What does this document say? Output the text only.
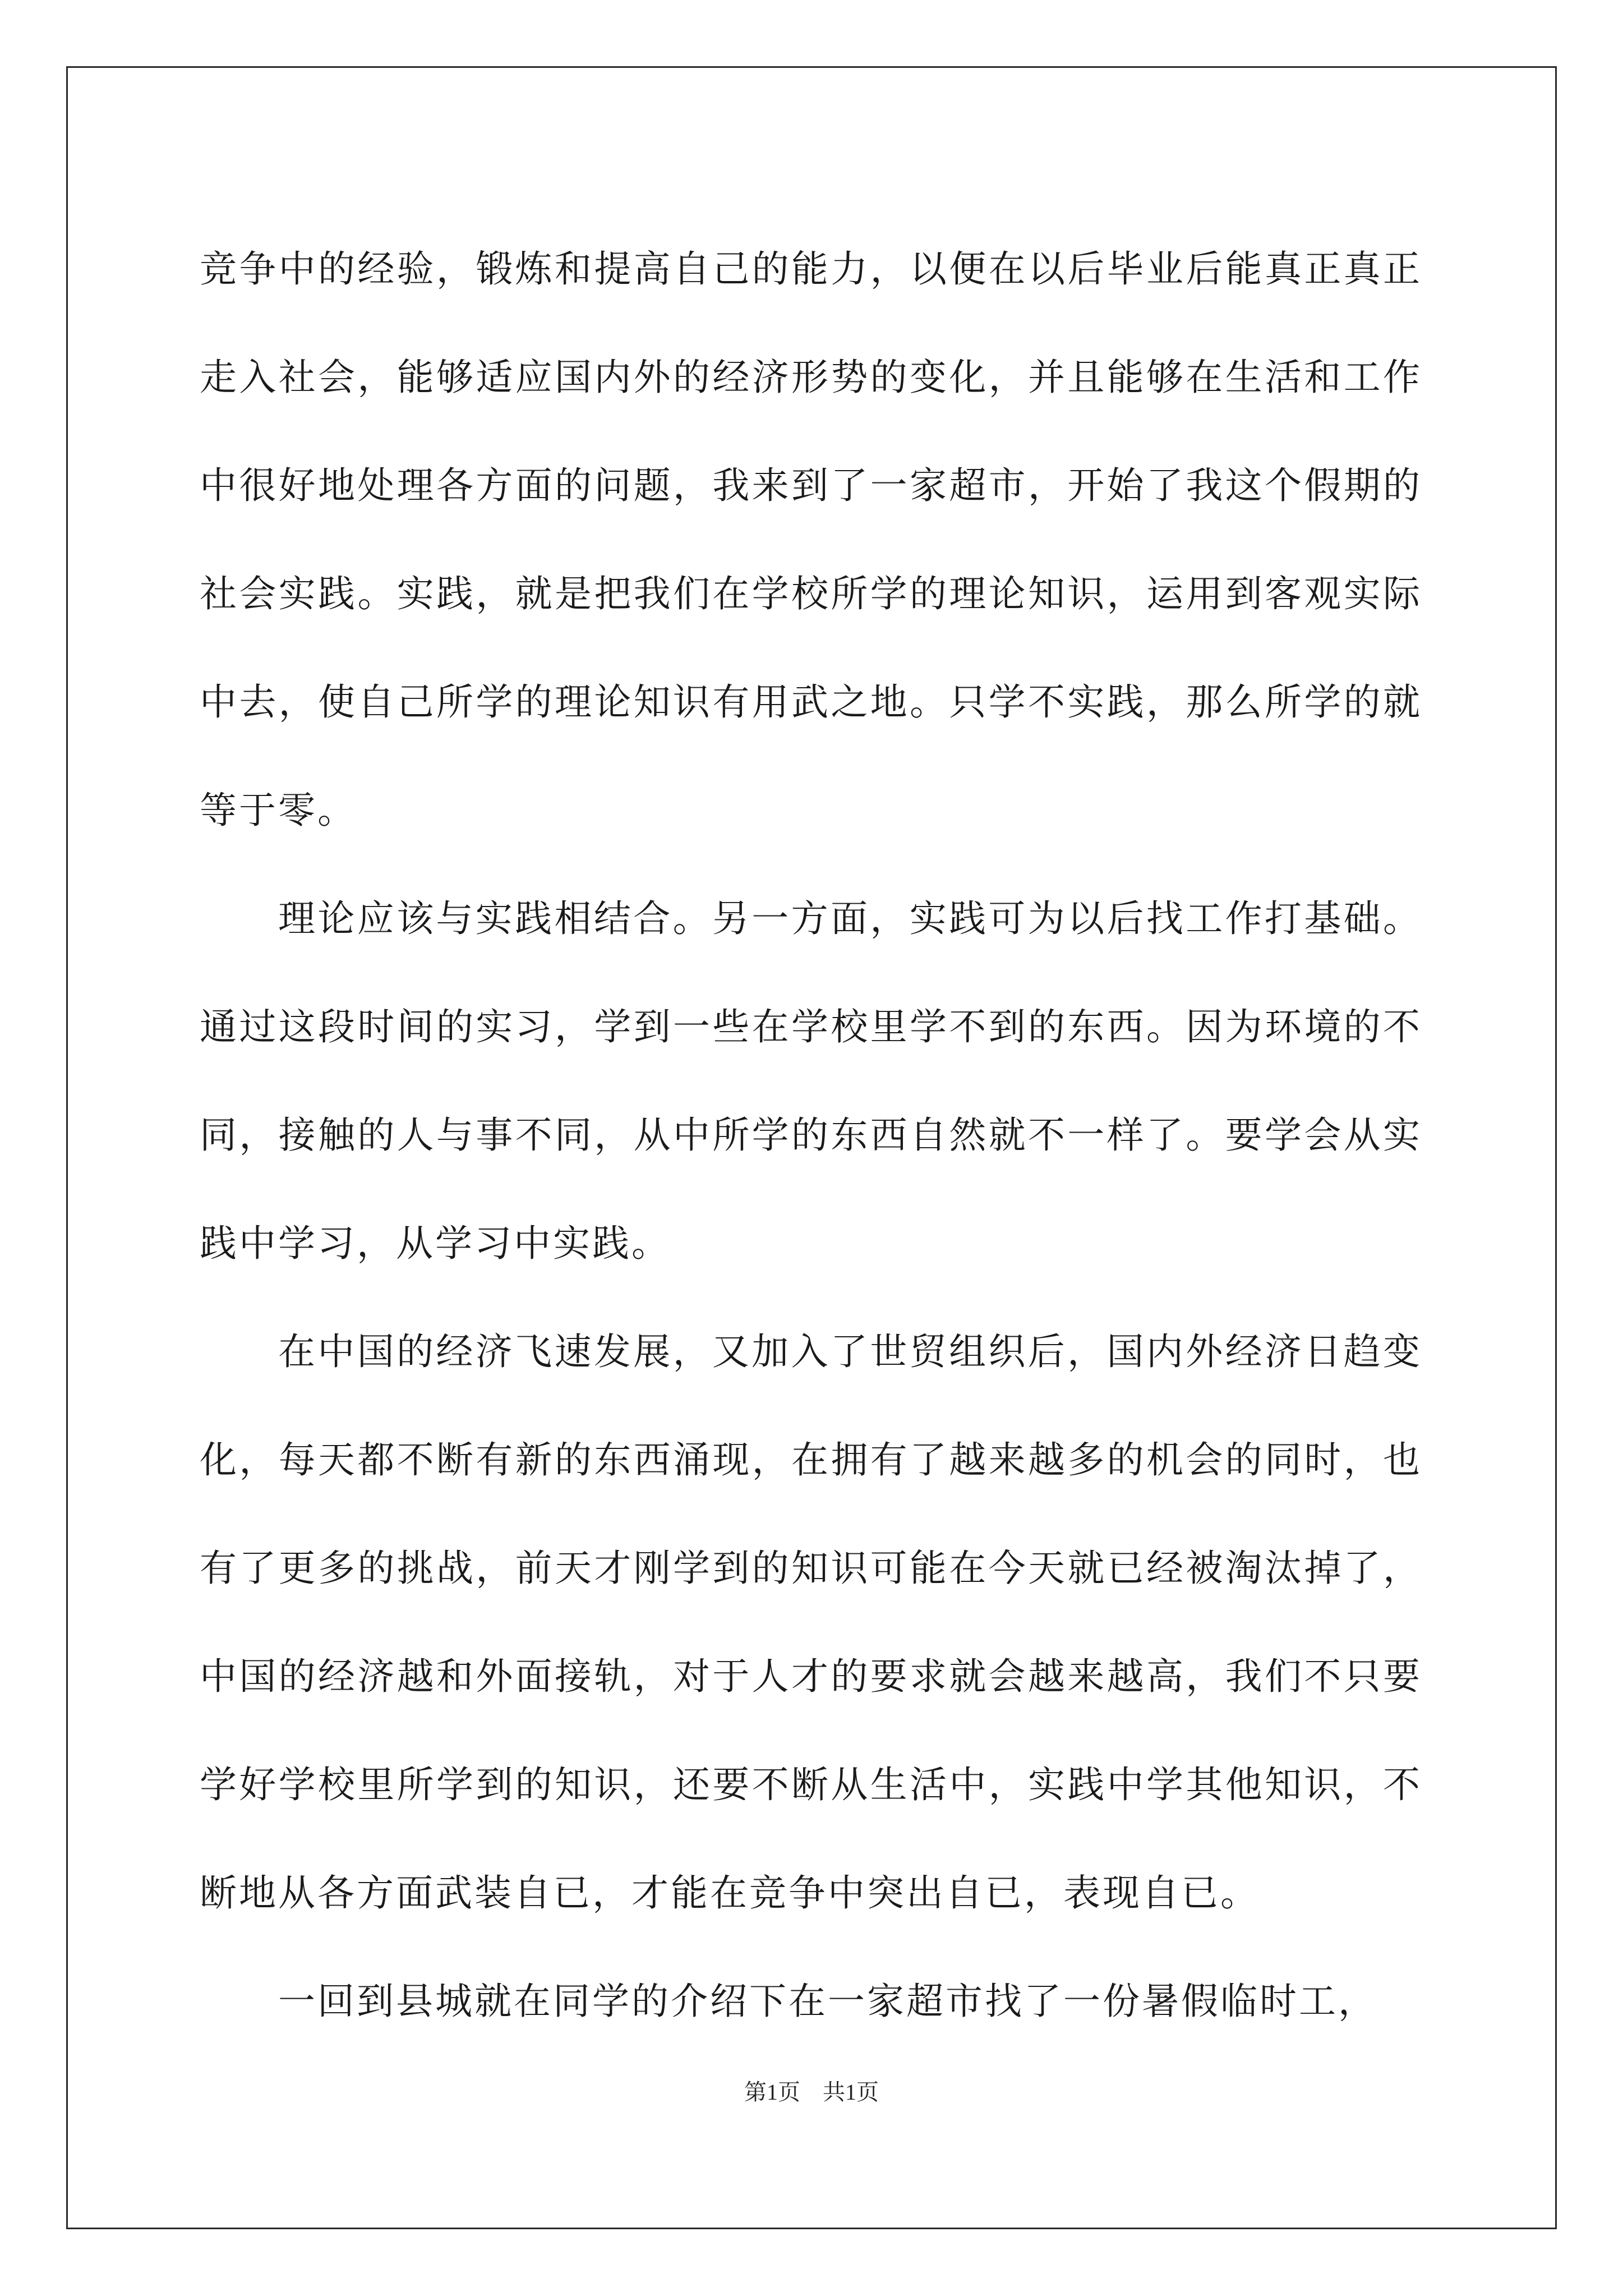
竞争中的经验，锻炼和提高自己的能力，以便在以后毕业后能真正真正走入社会，能够适应国内外的经济形势的变化，并且能够在生活和工作中很好地处理各方面的问题，我来到了一家超市，开始了我这个假期的社会实践。实践，就是把我们在学校所学的理论知识，运用到客观实际中去，使自己所学的理论知识有用武之地。只学不实践，那么所学的就等于零。

理论应该与实践相结合。另一方面，实践可为以后找工作打基础。通过这段时间的实习，学到一些在学校里学不到的东西。因为环境的不同，接触的人与事不同，从中所学的东西自然就不一样了。要学会从实践中学习，从学习中实践。

在中国的经济飞速发展，又加入了世贸组织后，国内外经济日趋变化，每天都不断有新的东西涌现，在拥有了越来越多的机会的同时，也有了更多的挑战，前天才刚学到的知识可能在今天就已经被淘汰掉了，中国的经济越和外面接轨，对于人才的要求就会越来越高，我们不只要学好学校里所学到的知识，还要不断从生活中，实践中学其他知识，不断地从各方面武装自已，才能在竞争中突出自已，表现自已。

一回到县城就在同学的介绍下在一家超市找了一份暑假临时工，

第1页 共1页
